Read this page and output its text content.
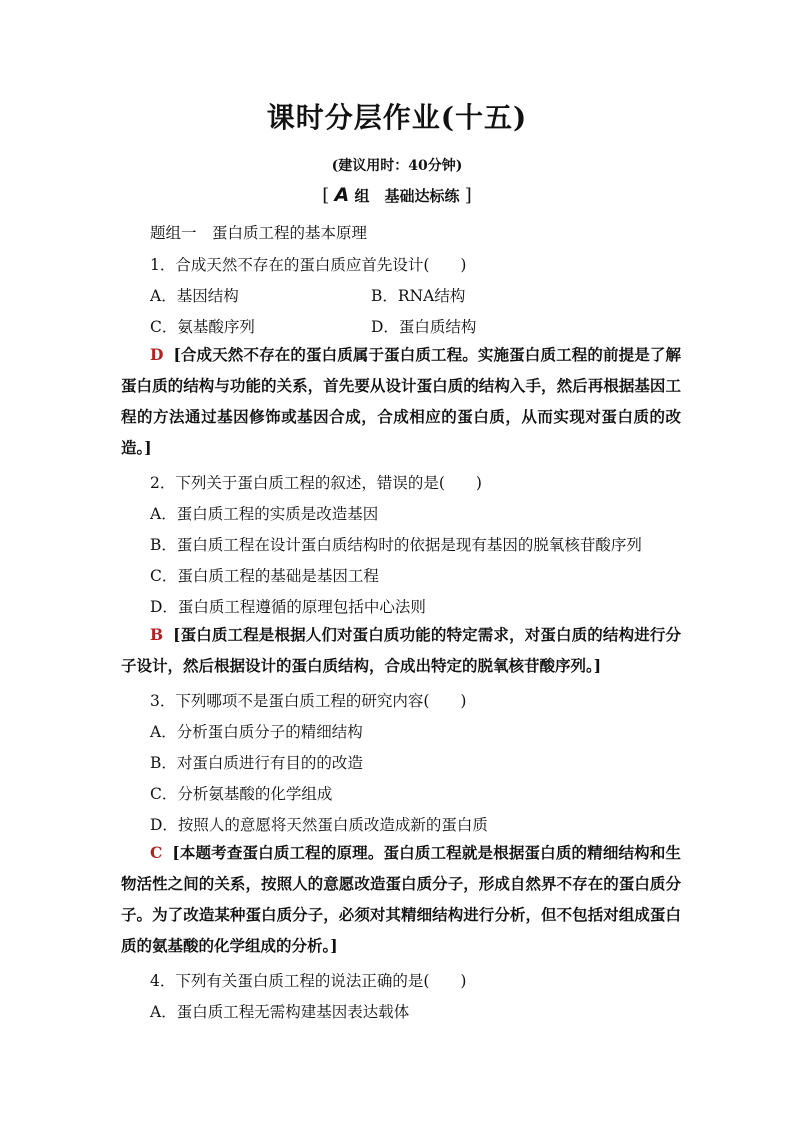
课时分层作业(十五)
(建议用时：40分钟)
[ A 组　基础达标练 ]
题组一　蛋白质工程的基本原理
1．合成天然不存在的蛋白质应首先设计(　　)
A．基因结构	B．RNA结构
C．氨基酸序列	D．蛋白质结构
D [合成天然不存在的蛋白质属于蛋白质工程。实施蛋白质工程的前提是了解蛋白质的结构与功能的关系，首先要从设计蛋白质的结构入手，然后再根据基因工程的方法通过基因修饰或基因合成，合成相应的蛋白质，从而实现对蛋白质的改造。]
2．下列关于蛋白质工程的叙述，错误的是(　　)
A．蛋白质工程的实质是改造基因
B．蛋白质工程在设计蛋白质结构时的依据是现有基因的脱氧核苷酸序列
C．蛋白质工程的基础是基因工程
D．蛋白质工程遵循的原理包括中心法则
B [蛋白质工程是根据人们对蛋白质功能的特定需求，对蛋白质的结构进行分子设计，然后根据设计的蛋白质结构，合成出特定的脱氧核苷酸序列。]
3．下列哪项不是蛋白质工程的研究内容(　　)
A．分析蛋白质分子的精细结构
B．对蛋白质进行有目的的改造
C．分析氨基酸的化学组成
D．按照人的意愿将天然蛋白质改造成新的蛋白质
C [本题考查蛋白质工程的原理。蛋白质工程就是根据蛋白质的精细结构和生物活性之间的关系，按照人的意愿改造蛋白质分子，形成自然界不存在的蛋白质分子。为了改造某种蛋白质分子，必须对其精细结构进行分析，但不包括对组成蛋白质的氨基酸的化学组成的分析。]
4．下列有关蛋白质工程的说法正确的是(　　)
A．蛋白质工程无需构建基因表达载体
